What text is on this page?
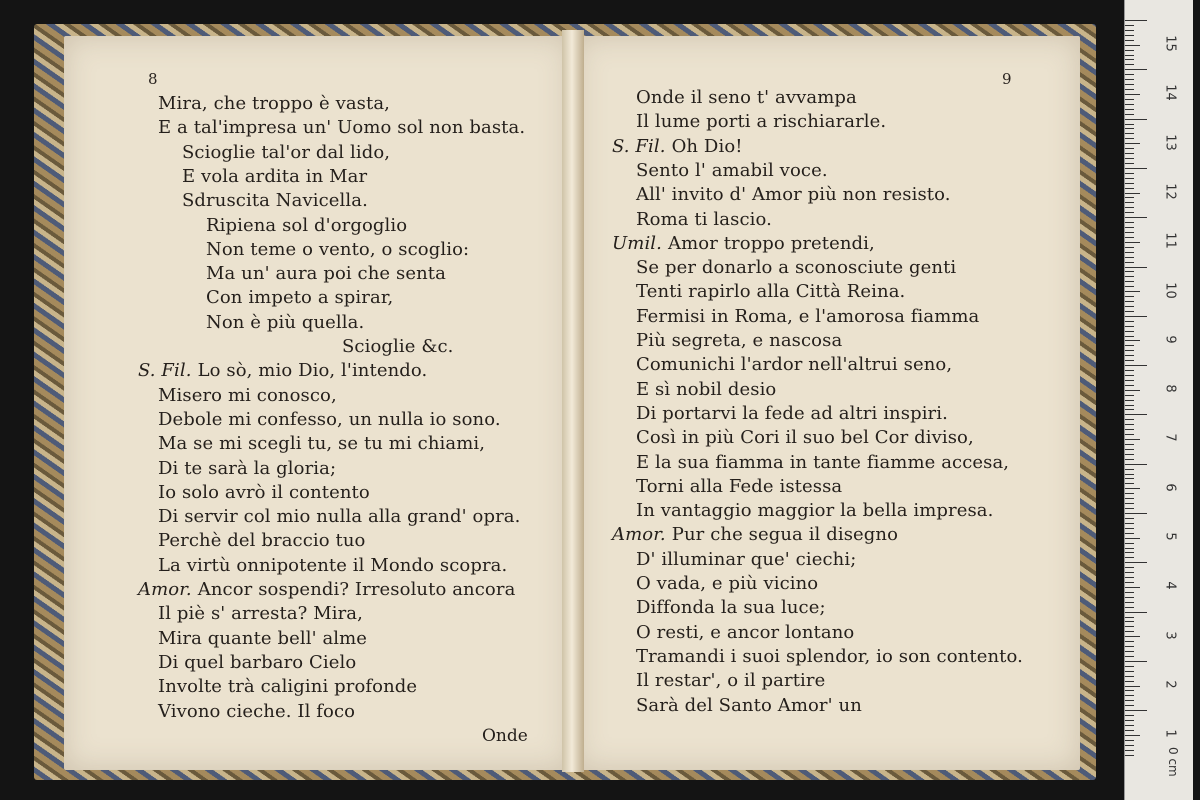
8	9
Mira, che troppo è vasta,
E a tal'impresa un' Uomo sol non basta.
Scioglie tal'or dal lido,
E vola ardita in Mar
Sdruscita Navicella.
Ripiena sol d'orgoglio
Non teme o vento, o scoglio:
Ma un' aura poi che senta
Con impeto a spirar,
Non è più quella.
Scioglie &c.
S. Fil. Lo sò, mio Dio, l'intendo.
Misero mi conosco,
Debole mi confesso, un nulla io sono.
Ma se mi scegli tu, se tu mi chiami,
Di te sarà la gloria;
Io solo avrò il contento
Di servir col mio nulla alla grand' opra.
Perchè del braccio tuo
La virtù onnipotente il Mondo scopra.
Amor. Ancor sospendi? Irresoluto ancora
Il piè s' arresta? Mira,
Mira quante bell' alme
Di quel barbaro Cielo
Involte trà caligini profonde
Vivono cieche. Il foco
Onde il seno t' avvampa
Il lume porti a rischiararle.
S. Fil. Oh Dio!
Sento l' amabil voce.
All' invito d' Amor più non resisto.
Roma ti lascio.
Umil. Amor troppo pretendi,
Se per donarlo a sconosciute genti
Tenti rapirlo alla Città Reina.
Fermisi in Roma, e l'amorosa fiamma
Più segreta, e nascosa
Comunichi l'ardor nell'altrui seno,
E sì nobil desio
Di portarvi la fede ad altri inspiri.
Così in più Cori il suo bel Cor diviso,
E la sua fiamma in tante fiamme accesa,
Torni alla Fede istessa
In vantaggio maggior la bella impresa.
Amor. Pur che segua il disegno
D' illuminar que' ciechi;
O vada, e più vicino
Diffonda la sua luce;
O resti, e ancor lontano
Tramandi i suoi splendor, io son contento.
Il restar', o il partire
Sarà del Santo Amor' un
Onde
15
14
13
12
11
10
9
8
7
6
5
4
3
2
1
0 cm
